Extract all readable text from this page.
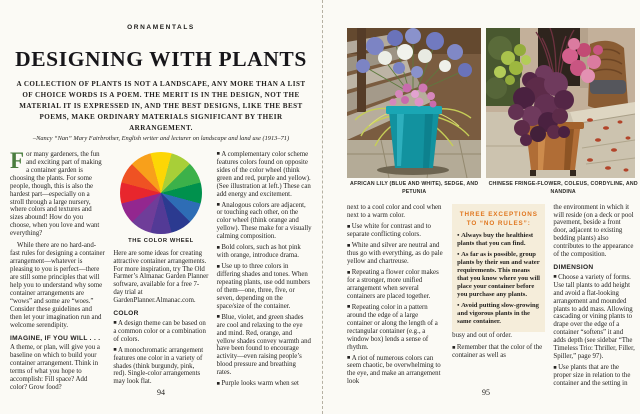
ORNAMENTALS
DESIGNING WITH PLANTS
A COLLECTION OF PLANTS IS NOT A LANDSCAPE, ANY MORE THAN A LIST OF CHOICE WORDS IS A POEM. THE MERIT IS IN THE DESIGN, NOT THE MATERIAL IT IS EXPRESSED IN, AND THE BEST DESIGNS, LIKE THE BEST POEMS, MAKE ORDINARY MATERIALS SIGNIFICANT BY THEIR ARRANGEMENT.
–Nancy “Nan” Mary Fairbrother, English writer and lecturer on landscape and land use (1913–71)

For many gardeners, the fun and exciting part of making a container garden is choosing the plants. For some people, though, this is also the hardest part—especially on a stroll through a large nursery, where colors and textures and sizes abound! How do you choose, when you love and want everything?

While there are no hard-and-fast rules for designing a container arrangement—whatever is pleasing to you is perfect—there are still some principles that will help you to understand why some container arrangements are “wows” and some are “woes.” Consider these guidelines and then let your imagination run and welcome serendipity.

IMAGINE, IF YOU WILL . . .

A theme, or plan, will give you a baseline on which to build your container arrangement. Think in terms of what you hope to accomplish: Fill space? Add color? Grow food?

THE COLOR WHEEL

Here are some ideas for creating attractive container arrangements. For more inspiration, try The Old Farmer’s Almanac Garden Planner software, available for a free 7-day trial at GardenPlanner.Almanac.com.

COLOR
■ A design theme can be based on a common color or a combination of colors.
■ A monochromatic arrangement features one color in a variety of shades (think burgundy, pink, red). Single-color arrangements may look flat.
■ A complementary color scheme features colors found on opposite sides of the color wheel (think green and red, purple and yellow). (See illustration at left.) These can add energy and excitement.
■ Analogous colors are adjacent, or touching each other, on the color wheel (think orange and yellow). These make for a visually calming composition.
■ Bold colors, such as hot pink with orange, introduce drama.
■ Use up to three colors in differing shades and tones. When repeating plants, use odd numbers of them—one, three, five, or seven, depending on the space/size of the container.
■ Blue, violet, and green shades are cool and relaxing to the eye and mind. Red, orange, and yellow shades convey warmth and have been found to encourage activity—even raising people’s blood pressure and breathing rates.
■ Purple looks warm when set
94
AFRICAN LILY (BLUE AND WHITE), SEDGE, AND PETUNIA
CHINESE FRINGE-FLOWER, COLEUS, CORDYLINE, AND NANDINA

next to a cool color and cool when next to a warm color.

■ Use white for contrast and to separate conflicting colors.
■ White and silver are neutral and thus go with everything, as do pale yellow and chartreuse.
■ Repeating a flower color makes for a stronger, more unified arrangement when several containers are placed together.
■ Repeating color in a pattern around the edge of a large container or along the length of a rectangular container (e.g., a window box) lends a sense of rhythm.
■ A riot of numerous colors can seem chaotic, be overwhelming to the eye, and make an arrangement look
THREE EXCEPTIONS TO “NO RULES”:
• Always buy the healthiest plants that you can find.
• As far as is possible, group plants by their sun and water requirements. This means that you know where you will place your container before you purchase any plants.
• Avoid putting slow-growing and vigorous plants in the same container.

busy and out of order.

■ Remember that the color of the container as well as

the environment in which it will reside (on a deck or pool pavement, beside a front door, adjacent to existing bedding plants) also contributes to the appearance of the composition.

DIMENSION
■ Choose a variety of forms. Use tall plants to add height and avoid a flat-looking arrangement and mounded plants to add mass. Allowing cascading or vining plants to drape over the edge of a container “softens” it and adds depth (see sidebar “The Timeless Trio: Thriller, Filler, Spiller,” page 97).
■ Use plants that are the proper size in relation to the container and the setting in
95
